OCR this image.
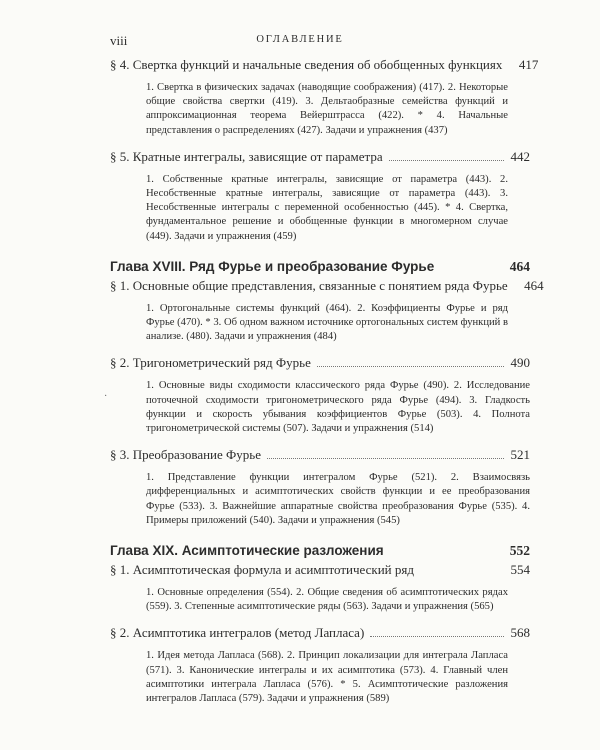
viii	ОГЛАВЛЕНИЕ
·
§ 4. Свертка функций и начальные сведения об обобщенных функциях 417
1. Свертка в физических задачах (наводящие соображения) (417). 2. Некоторые общие свойства свертки (419). 3. Дельтаобразные семейства функций и аппроксимационная теорема Вейерштрасса (422). * 4. Начальные представления о распределениях (427). Задачи и упражнения (437)
§ 5. Кратные интегралы, зависящие от параметра	442
1. Собственные кратные интегралы, зависящие от параметра (443). 2. Несобственные кратные интегралы, зависящие от параметра (443). 3. Несобственные интегралы с переменной особенностью (445). * 4. Свертка, фундаментальное решение и обобщенные функции в многомерном случае (449). Задачи и упражнения (459)
Глава XVIII. Ряд Фурье и преобразование Фурье	464
§ 1. Основные общие представления, связанные с понятием ряда Фурье 464
1. Ортогональные системы функций (464). 2. Коэффициенты Фурье и ряд Фурье (470). * 3. Об одном важном источнике ортогональных систем функций в анализе. (480). Задачи и упражнения (484)
§ 2. Тригонометрический ряд Фурье	490
1. Основные виды сходимости классического ряда Фурье (490). 2. Исследование поточечной сходимости тригонометрического ряда Фурье (494). 3. Гладкость функции и скорость убывания коэффициентов Фурье (503). 4. Полнота тригонометрической системы (507). Задачи и упражнения (514)
§ 3. Преобразование Фурье	521
1. Представление функции интегралом Фурье (521). 2. Взаимосвязь дифференциальных и асимптотических свойств функции и ее преобразования Фурье (533). 3. Важнейшие аппаратные свойства преобразования Фурье (535). 4. Примеры приложений (540). Задачи и упражнения (545)
Глава XIX. Асимптотические разложения	552
§ 1. Асимптотическая формула и асимптотический ряд	554
1. Основные определения (554). 2. Общие сведения об асимптотических рядах (559). 3. Степенные асимптотические ряды (563). Задачи и упражнения (565)
§ 2. Асимптотика интегралов (метод Лапласа)	568
1. Идея метода Лапласа (568). 2. Принцип локализации для интеграла Лапласа (571). 3. Канонические интегралы и их асимптотика (573). 4. Главный член асимптотики интеграла Лапласа (576). * 5. Асимптотические разложения интегралов Лапласа (579). Задачи и упражнения (589)
